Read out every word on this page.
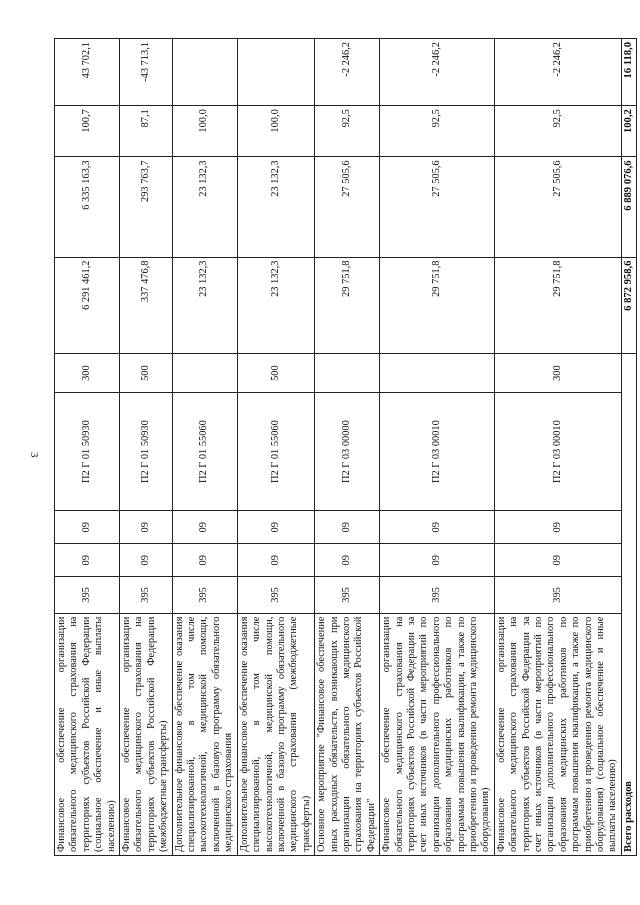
3
Финансовое обеспечение организации обязательного медицинского страхования на территориях субъектов Российской Федерации (социальное обеспечение и иные выплаты населению)	395	09	09	П2 Г 01 50930	300	6 291 461,2	6 335 163,3	100,7	43 702,1
Финансовое обеспечение организации обязательного медицинского страхования на территориях субъектов Российской Федерации (межбюджетные трансферты)	395	09	09	П2 Г 01 50930	500	337 476,8	293 763,7	87,1	-43 713,1
Дополнительное финансовое обеспечение оказания специализированной, в том числе высокотехнологичной, медицинской помощи, включенной в базовую программу обязательного медицинского страхования	395	09	09	П2 Г 01 55060		23 132,3	23 132,3	100,0	
Дополнительное финансовое обеспечение оказания специализированной, в том числе высокотехнологичной, медицинской помощи, включенной в базовую программу обязательного медицинского страхования (межбюджетные трансферты)	395	09	09	П2 Г 01 55060	500	23 132,3	23 132,3	100,0	
Основное мероприятие "Финансовое обеспечение иных расходных обязательств, возникающих при организации обязательного медицинского страхования на территориях субъектов Российской Федерации"	395	09	09	П2 Г 03 00000		29 751,8	27 505,6	92,5	-2 246,2
Финансовое обеспечение организации обязательного медицинского страхования на территориях субъектов Российской Федерации за счет иных источников (в части мероприятий по организации дополнительного профессионального образования медицинских работников по программам повышения квалификации, а также по приобретению и проведению ремонта медицинского оборудования)	395	09	09	П2 Г 03 00010		29 751,8	27 505,6	92,5	-2 246,2
Финансовое обеспечение организации обязательного медицинского страхования на территориях субъектов Российской Федерации за счет иных источников (в части мероприятий по организации дополнительного профессионального образования медицинских работников по программам повышения квалификации, а также по приобретению и проведению ремонта медицинского оборудования) (социальное обеспечение и иные выплаты населению)	395	09	09	П2 Г 03 00010	300	29 751,8	27 505,6	92,5	-2 246,2
Всего расходов						6 872 958,6	6 889 076,6	100,2	16 118,0
